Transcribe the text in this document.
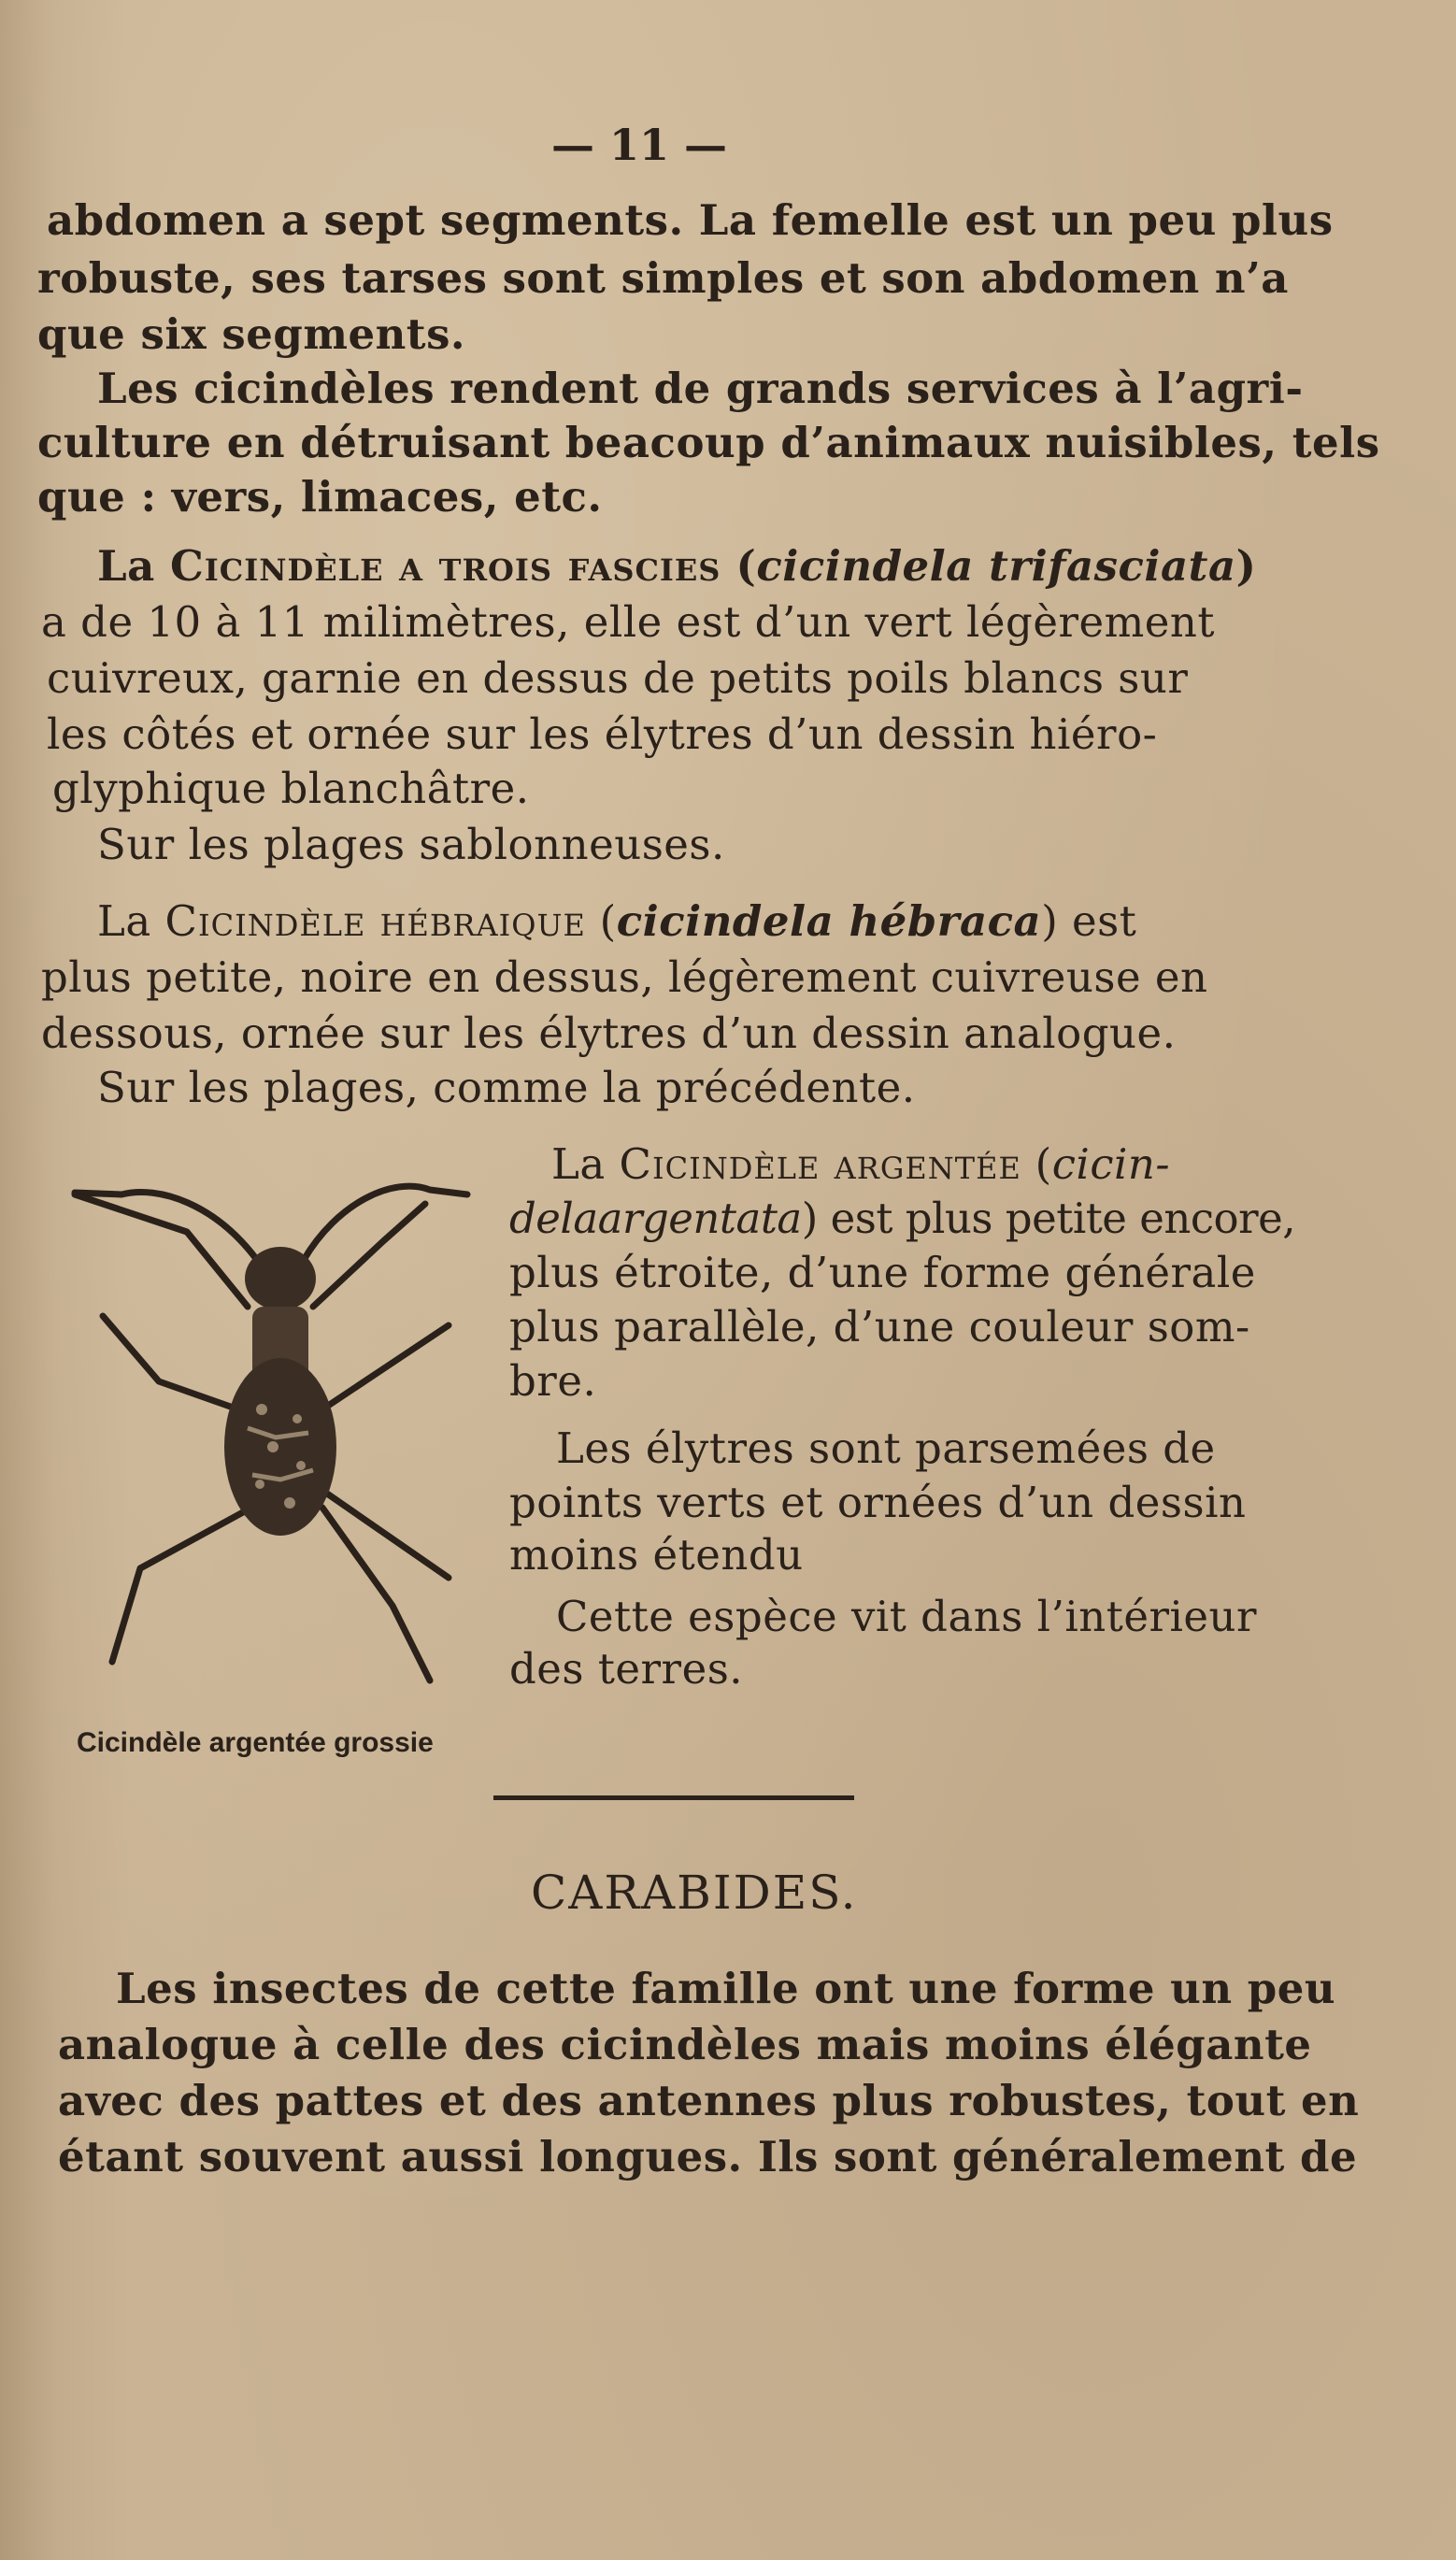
— 11 —
abdomen a sept segments. La femelle est un peu plus
robuste, ses tarses sont simples et son abdomen n’a
que six segments.
Les cicindèles rendent de grands services à l’agri-
culture en détruisant beacoup d’animaux nuisibles, tels
que : vers, limaces, etc.
La Cicindèle a trois fascies (cicindela trifasciata)
a de 10 à 11 milimètres, elle est d’un vert légèrement
cuivreux, garnie en dessus de petits poils blancs sur
les côtés et ornée sur les élytres d’un dessin hiéro-
glyphique blanchâtre.
Sur les plages sablonneuses.
La Cicindèle hébraique (cicindela hébraca) est
plus petite, noire en dessus, légèrement cuivreuse en
dessous, ornée sur les élytres d’un dessin analogue.
Sur les plages, comme la précédente.
Cicindèle argentée grossie
La Cicindèle argentée (cicin-
delaargentata) est plus petite encore,
plus étroite, d’une forme générale
plus parallèle, d’une couleur som-
bre.
Les élytres sont parsemées de
points verts et ornées d’un dessin
moins étendu
Cette espèce vit dans l’intérieur
des terres.
CARABIDES.
Les insectes de cette famille ont une forme un peu
analogue à celle des cicindèles mais moins élégante
avec des pattes et des antennes plus robustes, tout en
étant souvent aussi longues. Ils sont généralement de
